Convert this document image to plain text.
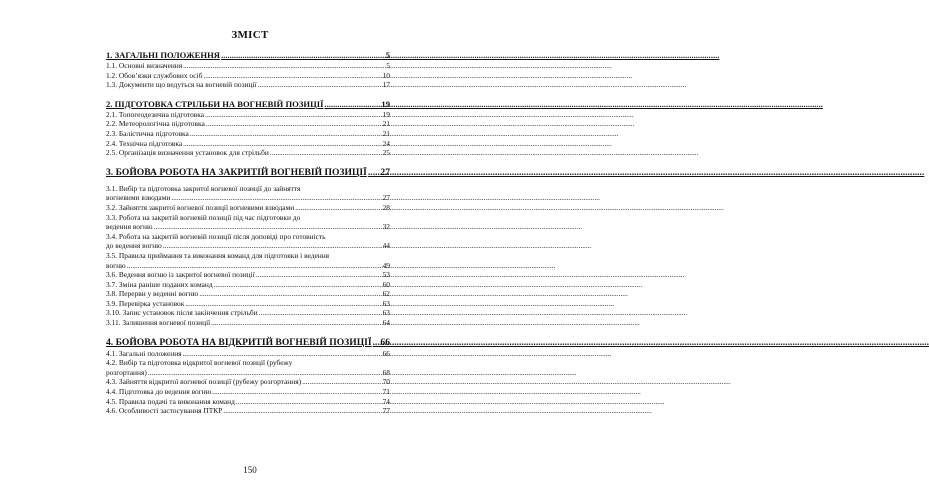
ЗМІСТ
1. ЗАГАЛЬНІ ПОЛОЖЕННЯ .....	5
1.1. Основні визначення .....	5
1.2. Обов’язки службових осіб .....	10
1.3. Документи що ведуться на вогневій позиції .....	17
2. ПІДГОТОВКА СТРІЛЬБИ НА ВОГНЕВІЙ ПОЗИЦІЇ .....	19
2.1. Топогеодезична підготовка .....	19
2.2. Метеорологічна підготовка .....	21
2.3. Балістична підготовка .....	21
2.4. Технічна підготовка .....	24
2.5. Організація визначення установок для стрільби .....	25
3. БОЙОВА РОБОТА НА ЗАКРИТІЙ ВОГНЕВІЙ ПОЗИЦІЇ ..... 27
3.1. Вибір та підготовка закритої вогневої позиції до зайняття
вогневими взводами .....	27
3.2. Зайняття закритої вогневої позиції вогневими взводами .....	28
3.3. Робота на закритій вогневій позиції під час підготовки до
ведення вогню .....	32
3.4. Робота на закритій вогневій позиції після доповіді про готовність
до ведення вогню .....	44
3.5. Правила приймання та виконання команд для підготовки і ведення
вогню .....	49
3.6. Ведення вогню із закритої вогневої позиції .....	53
3.7. Зміна раніше поданих команд .....	60
3.8. Перерви у веденні вогню .....	62
3.9. Перевірка установок .....	63
3.10. Запис установок після закінчення стрільби .....	63
3.11. Залишення вогневої позиції .....	64
4. БОЙОВА РОБОТА НА ВІДКРИТІЙ ВОГНЕВІЙ ПОЗИЦІЇ ..... 66
4.1. Загальні положення .....	66
4.2. Вибір та підготовка відкритої вогневої позиції (рубежу
розгортання) .....	68
4.3. Зайняття відкритої вогневої позиції (рубежу розгортання) .....	70
4.4. Підготовка до ведення вогню .....	71
4.5. Правила подачі та виконання команд .....	74
4.6. Особливості застосування ПТКР .....	77
150
